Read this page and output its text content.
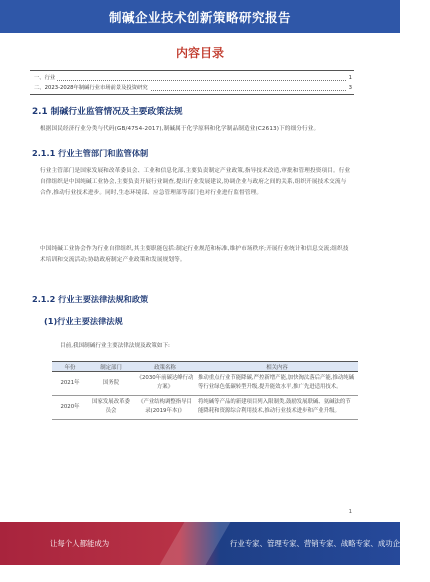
制碱企业技术创新策略研究报告
内容目录
一、行业	1
二、2023-2028年制碱行业市场前景及投资研究	3
2.1 制碱行业监管情况及主要政策法规
根据国民经济行业分类与代码(GB/4754-2017),制碱属于化学原料和化学制品制造业(C2613)下的细分行业。
2.1.1 行业主管部门和监管体制
行业主管部门是国家发展和改革委员会、工业和信息化部,主要负责制定产业政策,指导技术改造,审批和管理投资项目。行业自律组织是中国纯碱工业协会,主要负责开展行业调查,提出行业发展建议,协调企业与政府之间的关系,组织开展技术交流与合作,推动行业技术进步。同时,生态环境部、应急管理部等部门也对行业进行监督管理。
中国纯碱工业协会作为行业自律组织,其主要职能包括:制定行业规范和标准,维护市场秩序;开展行业统计和信息交流;组织技术培训和交流活动;协助政府制定产业政策和发展规划等。
2.1.2 行业主要法律法规和政策
(1)行业主要法律法规
目前,我国制碱行业主要法律法规及政策如下:
年份	制定部门	政策名称	相关内容
2021年	国务院	《2030年前碳达峰行动方案》	推动重点行业节能降碳,严控新增产能,加快淘汰落后产能,推动纯碱等行业绿色低碳转型升级,提升能效水平,推广先进适用技术。
2020年	国家发展改革委员会	《产业结构调整指导目录(2019年本)》	将纯碱等产品的新建项目列入限制类,鼓励发展联碱、氨碱法的节能降耗和资源综合利用技术,推动行业技术进步和产业升级。
1
让每个人都能成为	行业专家、管理专家、营销专家、战略专家、成功企业家……
